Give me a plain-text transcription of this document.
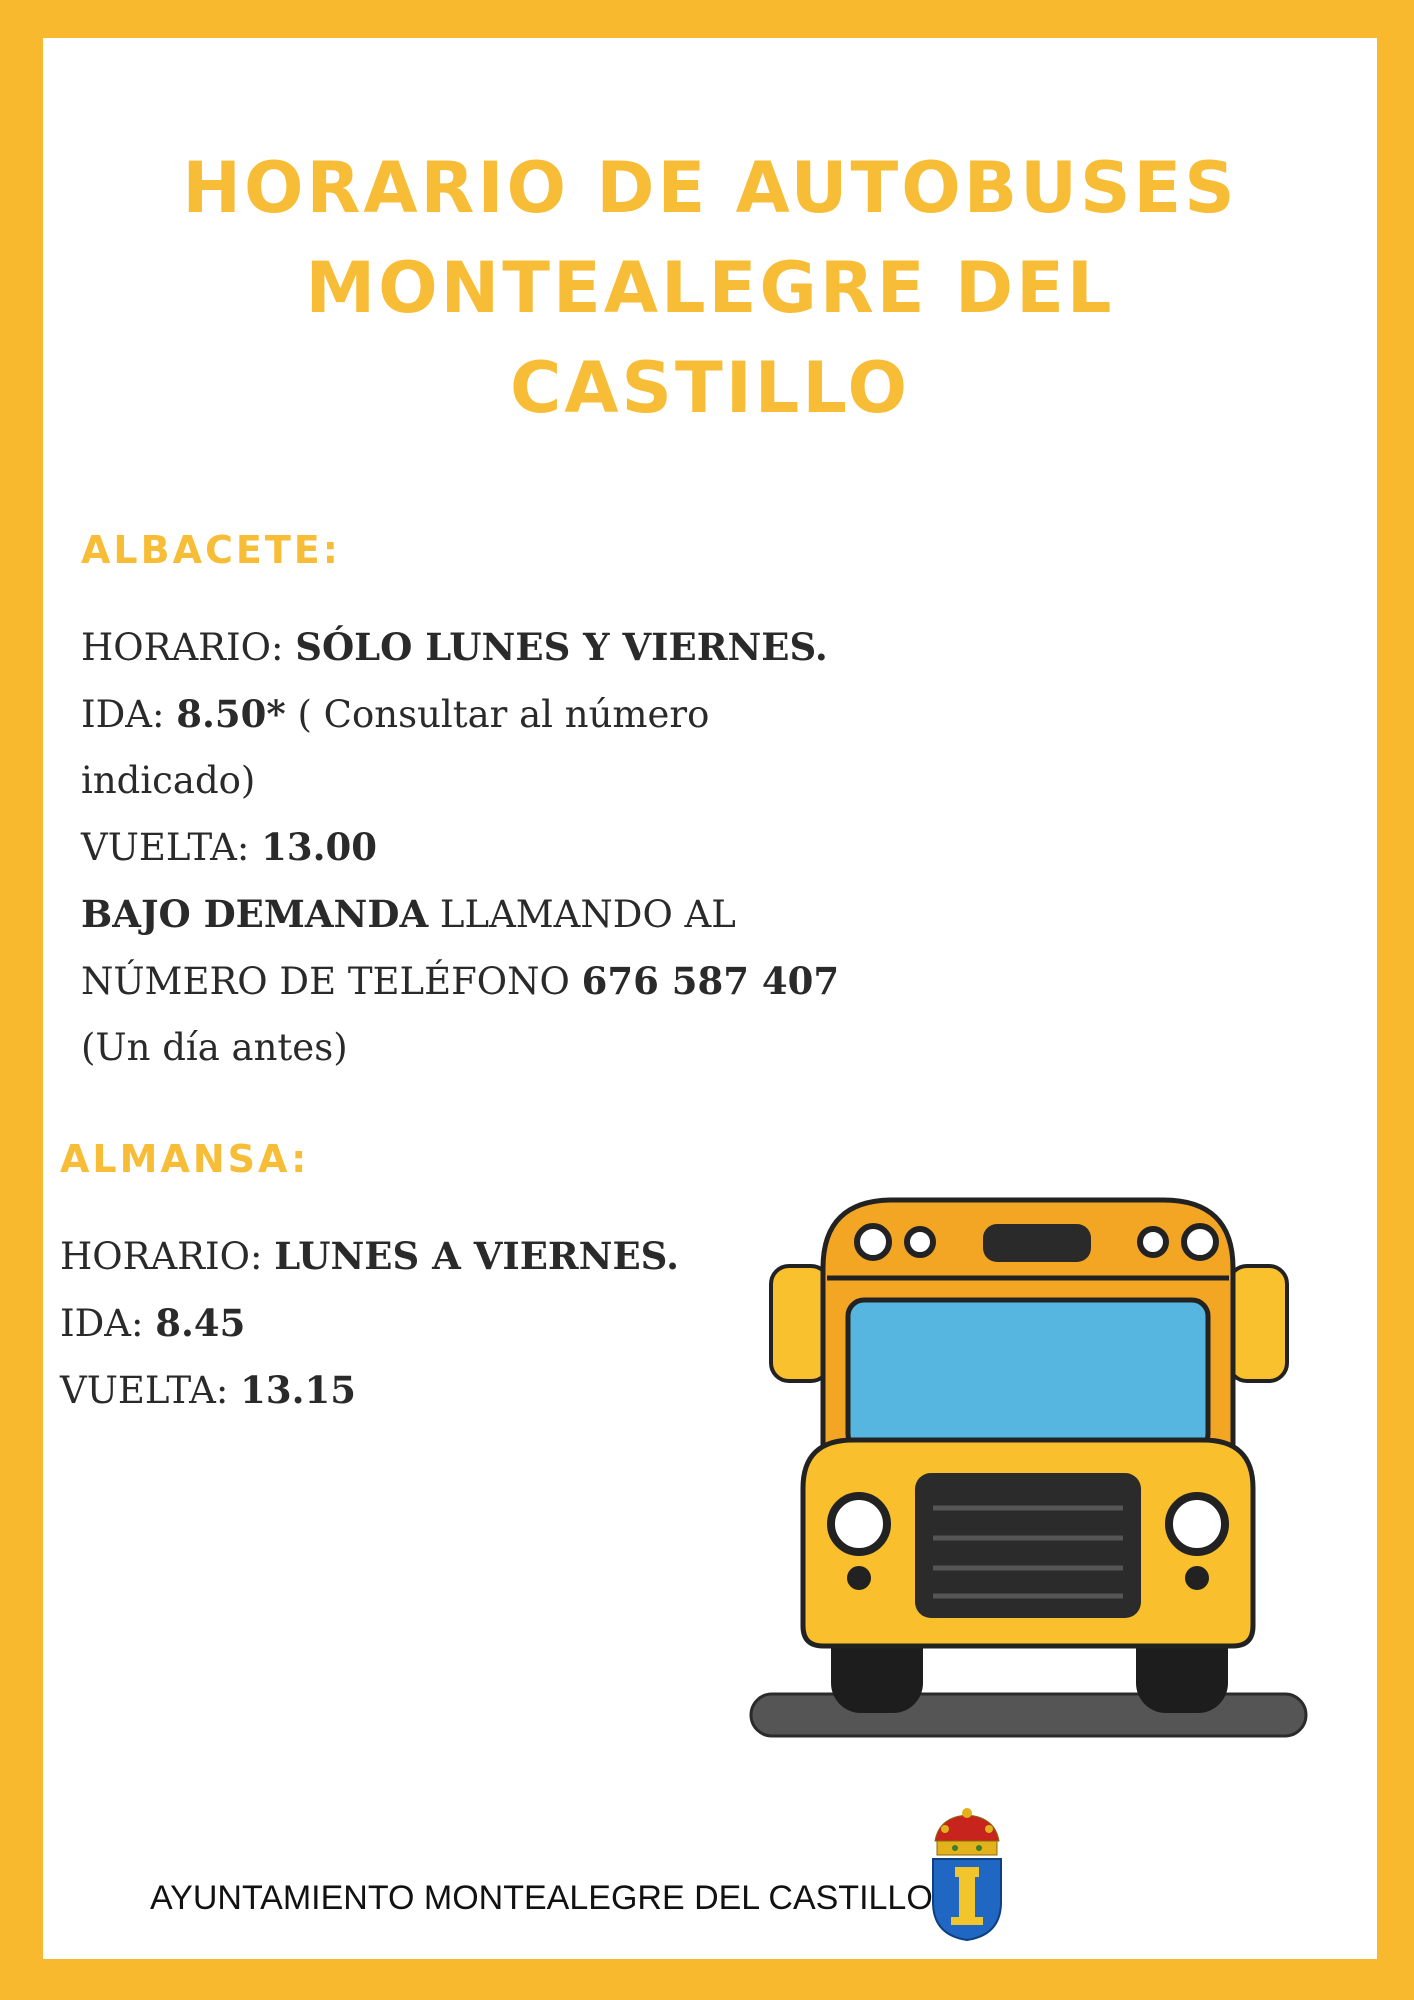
HORARIO DE AUTOBUSES
MONTEALEGRE DEL
CASTILLO
ALBACETE:
HORARIO: SÓLO LUNES Y VIERNES.
IDA: 8.50* ( Consultar al número
indicado)
VUELTA: 13.00
BAJO DEMANDA LLAMANDO AL
NÚMERO DE TELÉFONO 676 587 407
(Un día antes)
ALMANSA:
HORARIO: LUNES A VIERNES.
IDA: 8.45
VUELTA: 13.15
AYUNTAMIENTO MONTEALEGRE DEL CASTILLO
